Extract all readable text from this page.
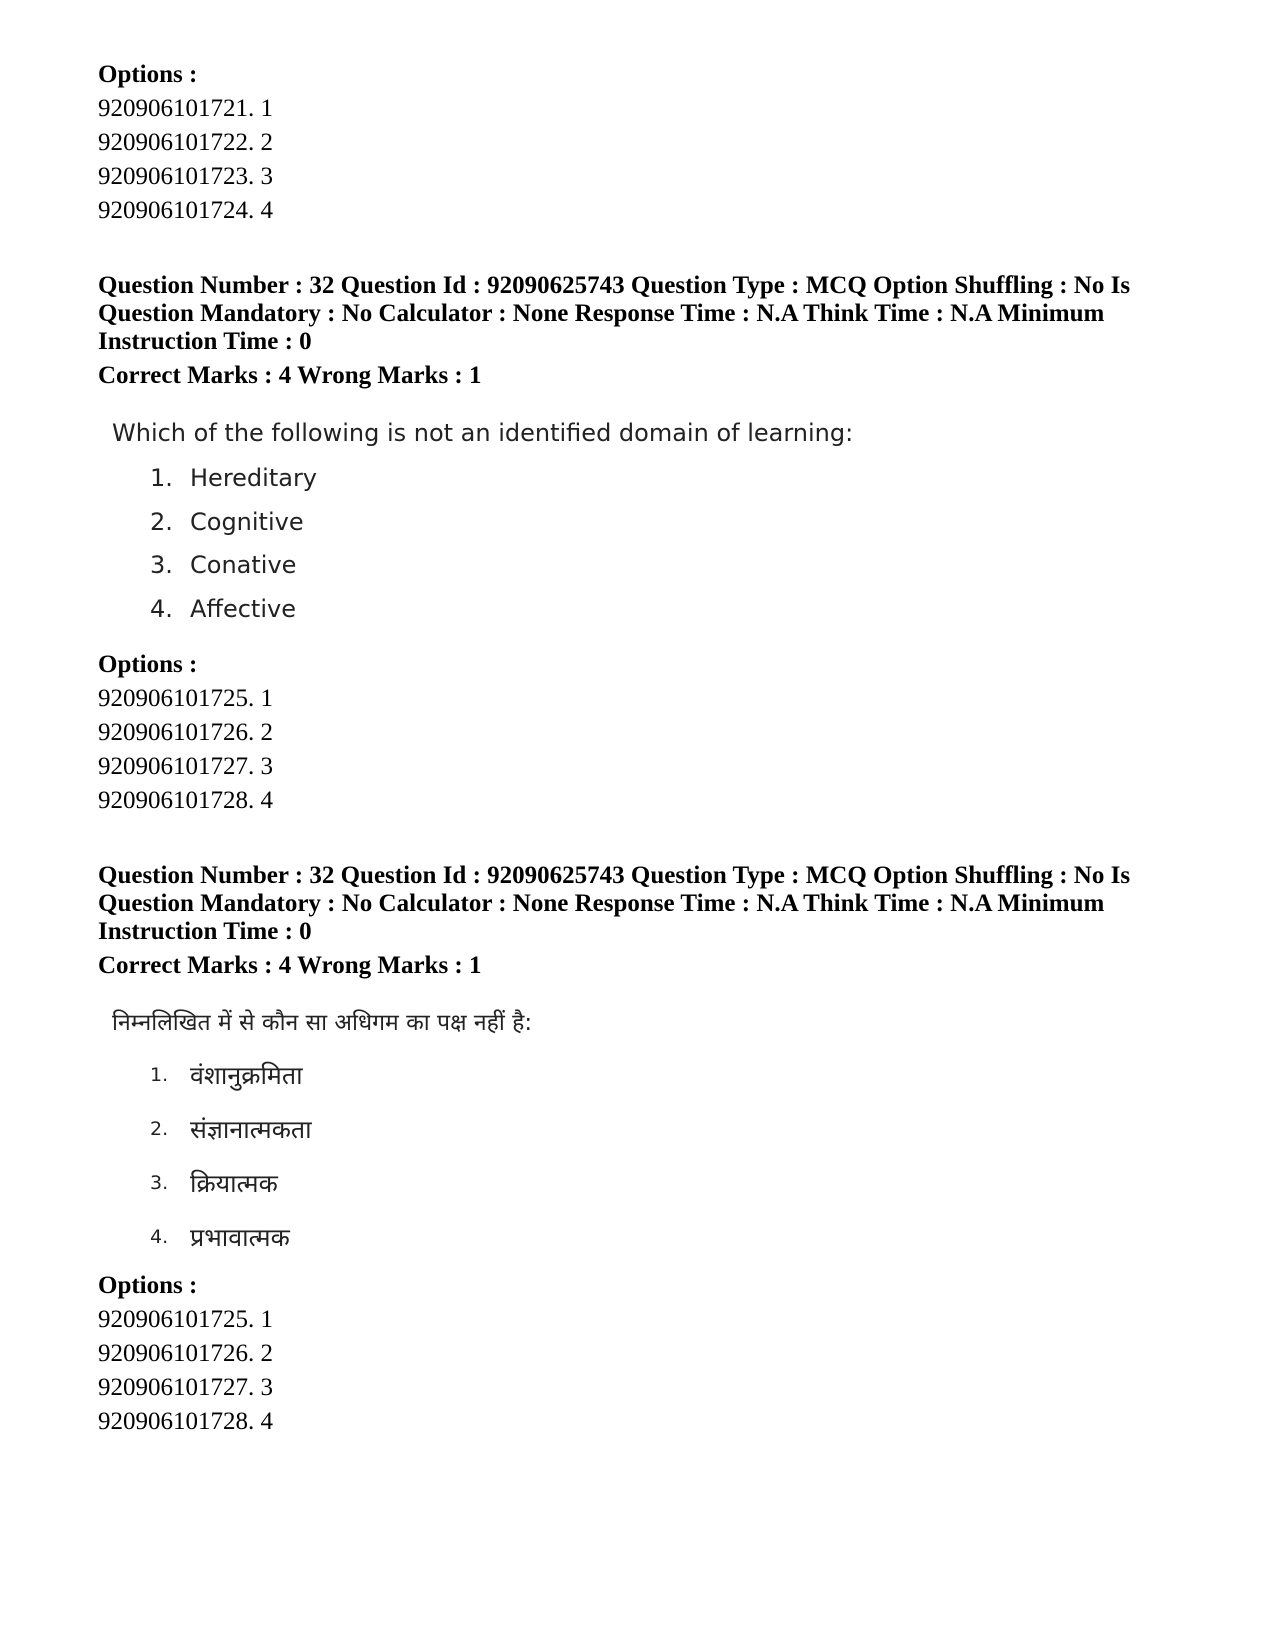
Options :
920906101721. 1
920906101722. 2
920906101723. 3
920906101724. 4
Question Number : 32 Question Id : 92090625743 Question Type : MCQ Option Shuffling : No Is
Question Mandatory : No Calculator : None Response Time : N.A Think Time : N.A Minimum
Instruction Time : 0
Correct Marks : 4 Wrong Marks : 1
Which of the following is not an identified domain of learning:
1. Hereditary
2. Cognitive
3. Conative
4. Affective
Options :
920906101725. 1
920906101726. 2
920906101727. 3
920906101728. 4
Question Number : 32 Question Id : 92090625743 Question Type : MCQ Option Shuffling : No Is
Question Mandatory : No Calculator : None Response Time : N.A Think Time : N.A Minimum
Instruction Time : 0
Correct Marks : 4 Wrong Marks : 1
निम्नलिखित में से कौन सा अधिगम का पक्ष नहीं है:
1. वंशानुक्रमिता
2. संज्ञानात्मकता
3. क्रियात्मक
4. प्रभावात्मक
Options :
920906101725. 1
920906101726. 2
920906101727. 3
920906101728. 4
